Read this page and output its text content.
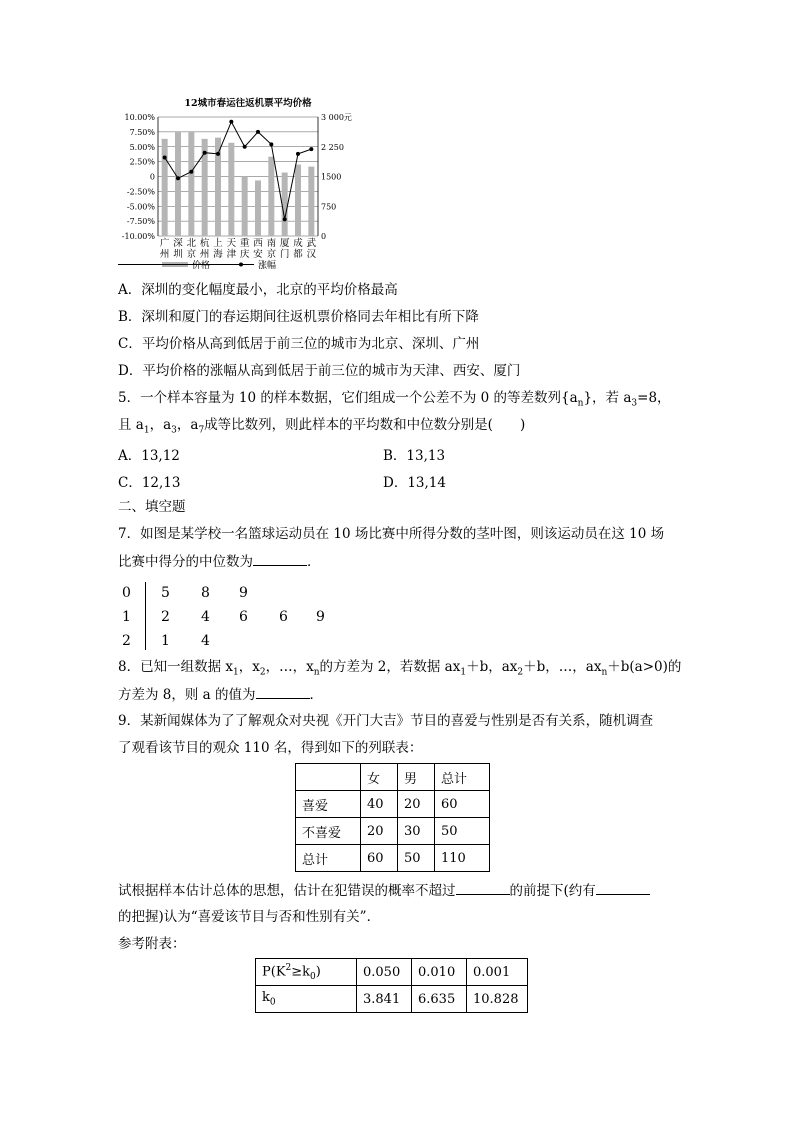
12城市春运往返机票平均价格
10.00%
7.50%
5.00%
2.50%
0
-2.50%
-5.00%
-7.50%
-10.00%
3 000元
2 250
1500
750
0
广
州
深
圳
北
京
杭
州
上
海
天
津
重
庆
西
安
南
京
厦
门
成
都
武
汉
价格	涨幅
A．深圳的变化幅度最小，北京的平均价格最高
B．深圳和厦门的春运期间往返机票价格同去年相比有所下降
C．平均价格从高到低居于前三位的城市为北京、深圳、广州
D．平均价格的涨幅从高到低居于前三位的城市为天津、西安、厦门
5．一个样本容量为 10 的样本数据，它们组成一个公差不为 0 的等差数列$\{a_n\}$，若 $a_3=8$，
且 $a_1$，$a_3$，$a_7$成等比数列，则此样本的平均数和中位数分别是(　　)
A．13,12	B．13,13
C．12,13	D．13,14
二、填空题
7．如图是某学校一名篮球运动员在 10 场比赛中所得分数的茎叶图，则该运动员在这 10 场
比赛中得分的中位数为	．
0	5 8 9
1	2 4 6 6 9
2	1 4
8．已知一组数据 $x_1$，$x_2$，…，$x_n$的方差为 2，若数据 $ax_1+b$，$ax_2+b$，…，$ax_n+b(a>0)$的
方差为 8，则 a 的值为	．
9．某新闻媒体为了了解观众对央视《开门大吉》节目的喜爱与性别是否有关系，随机调查
了观看该节目的观众 110 名，得到如下的列联表：
	女	男	总计
喜爱	40	20	60
不喜爱	20	30	50
总计	60	50	110
试根据样本估计总体的思想，估计在犯错误的概率不超过	的前提下(约有
的把握)认为“喜爱该节目与否和性别有关”．
参考附表：
$P(K^2\ge k_0)$	0.050	0.010	0.001
$k_0$	3.841	6.635	10.828
